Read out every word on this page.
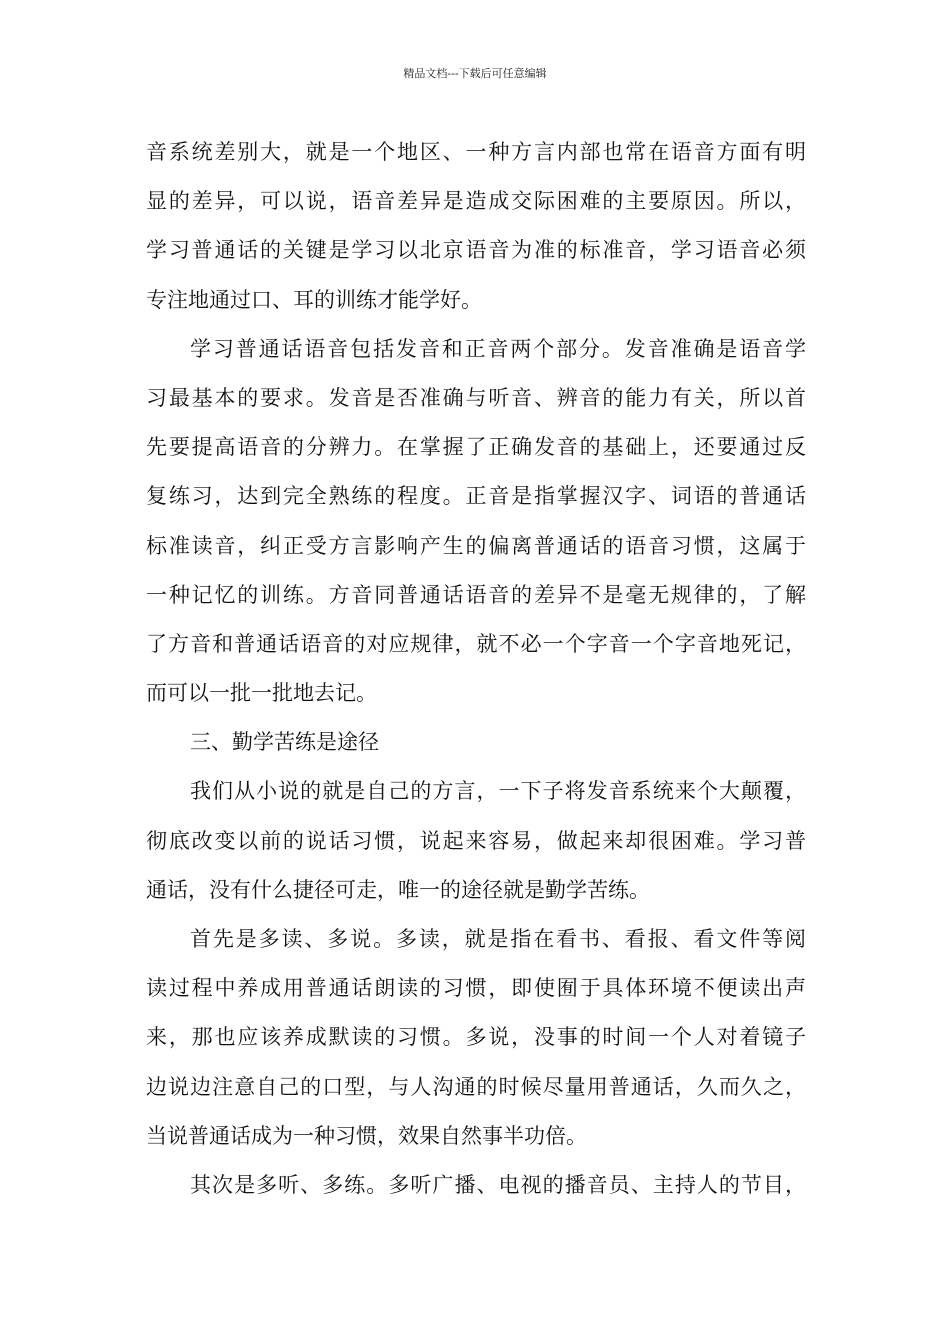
精品文档---下载后可任意编辑
音系统差别大，就是一个地区、一种方言内部也常在语音方面有明
显的差异，可以说，语音差异是造成交际困难的主要原因。所以，
学习普通话的关键是学习以北京语音为准的标准音，学习语音必须
专注地通过口、耳的训练才能学好。
学习普通话语音包括发音和正音两个部分。发音准确是语音学
习最基本的要求。发音是否准确与听音、辨音的能力有关，所以首
先要提高语音的分辨力。在掌握了正确发音的基础上，还要通过反
复练习，达到完全熟练的程度。正音是指掌握汉字、词语的普通话
标准读音，纠正受方言影响产生的偏离普通话的语音习惯，这属于
一种记忆的训练。方音同普通话语音的差异不是毫无规律的，了解
了方音和普通话语音的对应规律，就不必一个字音一个字音地死记，
而可以一批一批地去记。
三、勤学苦练是途径
我们从小说的就是自己的方言，一下子将发音系统来个大颠覆，
彻底改变以前的说话习惯，说起来容易，做起来却很困难。学习普
通话，没有什么捷径可走，唯一的途径就是勤学苦练。
首先是多读、多说。多读，就是指在看书、看报、看文件等阅
读过程中养成用普通话朗读的习惯，即使囿于具体环境不便读出声
来，那也应该养成默读的习惯。多说，没事的时间一个人对着镜子
边说边注意自己的口型，与人沟通的时候尽量用普通话，久而久之，
当说普通话成为一种习惯，效果自然事半功倍。
其次是多听、多练。多听广播、电视的播音员、主持人的节目，
